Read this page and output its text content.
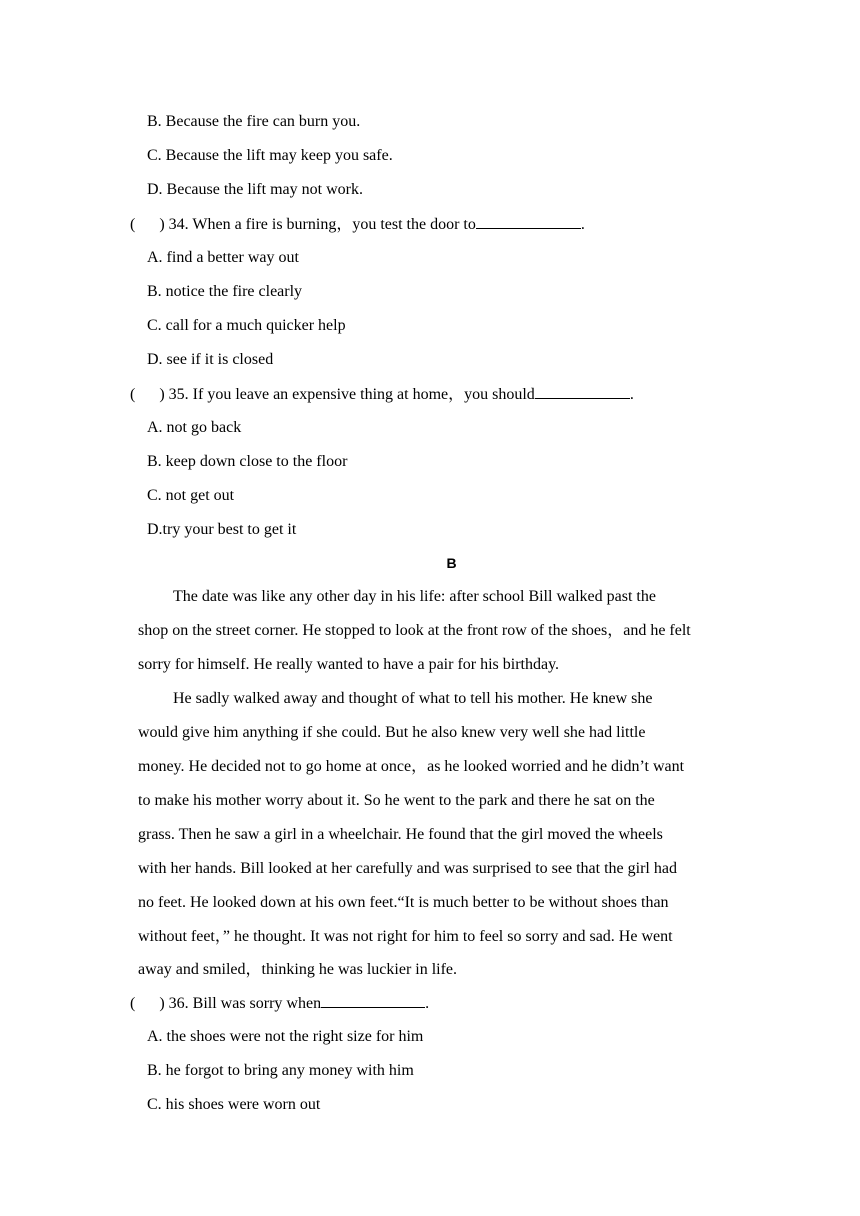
B. Because the fire can burn you.
C. Because the lift may keep you safe.
D. Because the lift may not work.
( ) 34. When a fire is burning，you test the door to	.
A. find a better way out
B. notice the fire clearly
C. call for a much quicker help
D. see if it is closed
( ) 35. If you leave an expensive thing at home，you should	.
A. not go back
B. keep down close to the floor
C. not get out
D.try your best to get it
B
The date was like any other day in his life: after school Bill walked past the
shop on the street corner. He stopped to look at the front row of the shoes，and he felt
sorry for himself. He really wanted to have a pair for his birthday.
He sadly walked away and thought of what to tell his mother. He knew she
would give him anything if she could. But he also knew very well she had little
money. He decided not to go home at once，as he looked worried and he didn’t want
to make his mother worry about it. So he went to the park and there he sat on the
grass. Then he saw a girl in a wheelchair. He found that the girl moved the wheels
with her hands. Bill looked at her carefully and was surprised to see that the girl had
no feet. He looked down at his own feet.“It is much better to be without shoes than
without feet，” he thought. It was not right for him to feel so sorry and sad. He went
away and smiled，thinking he was luckier in life.
( ) 36. Bill was sorry when	.
A. the shoes were not the right size for him
B. he forgot to bring any money with him
C. his shoes were worn out
